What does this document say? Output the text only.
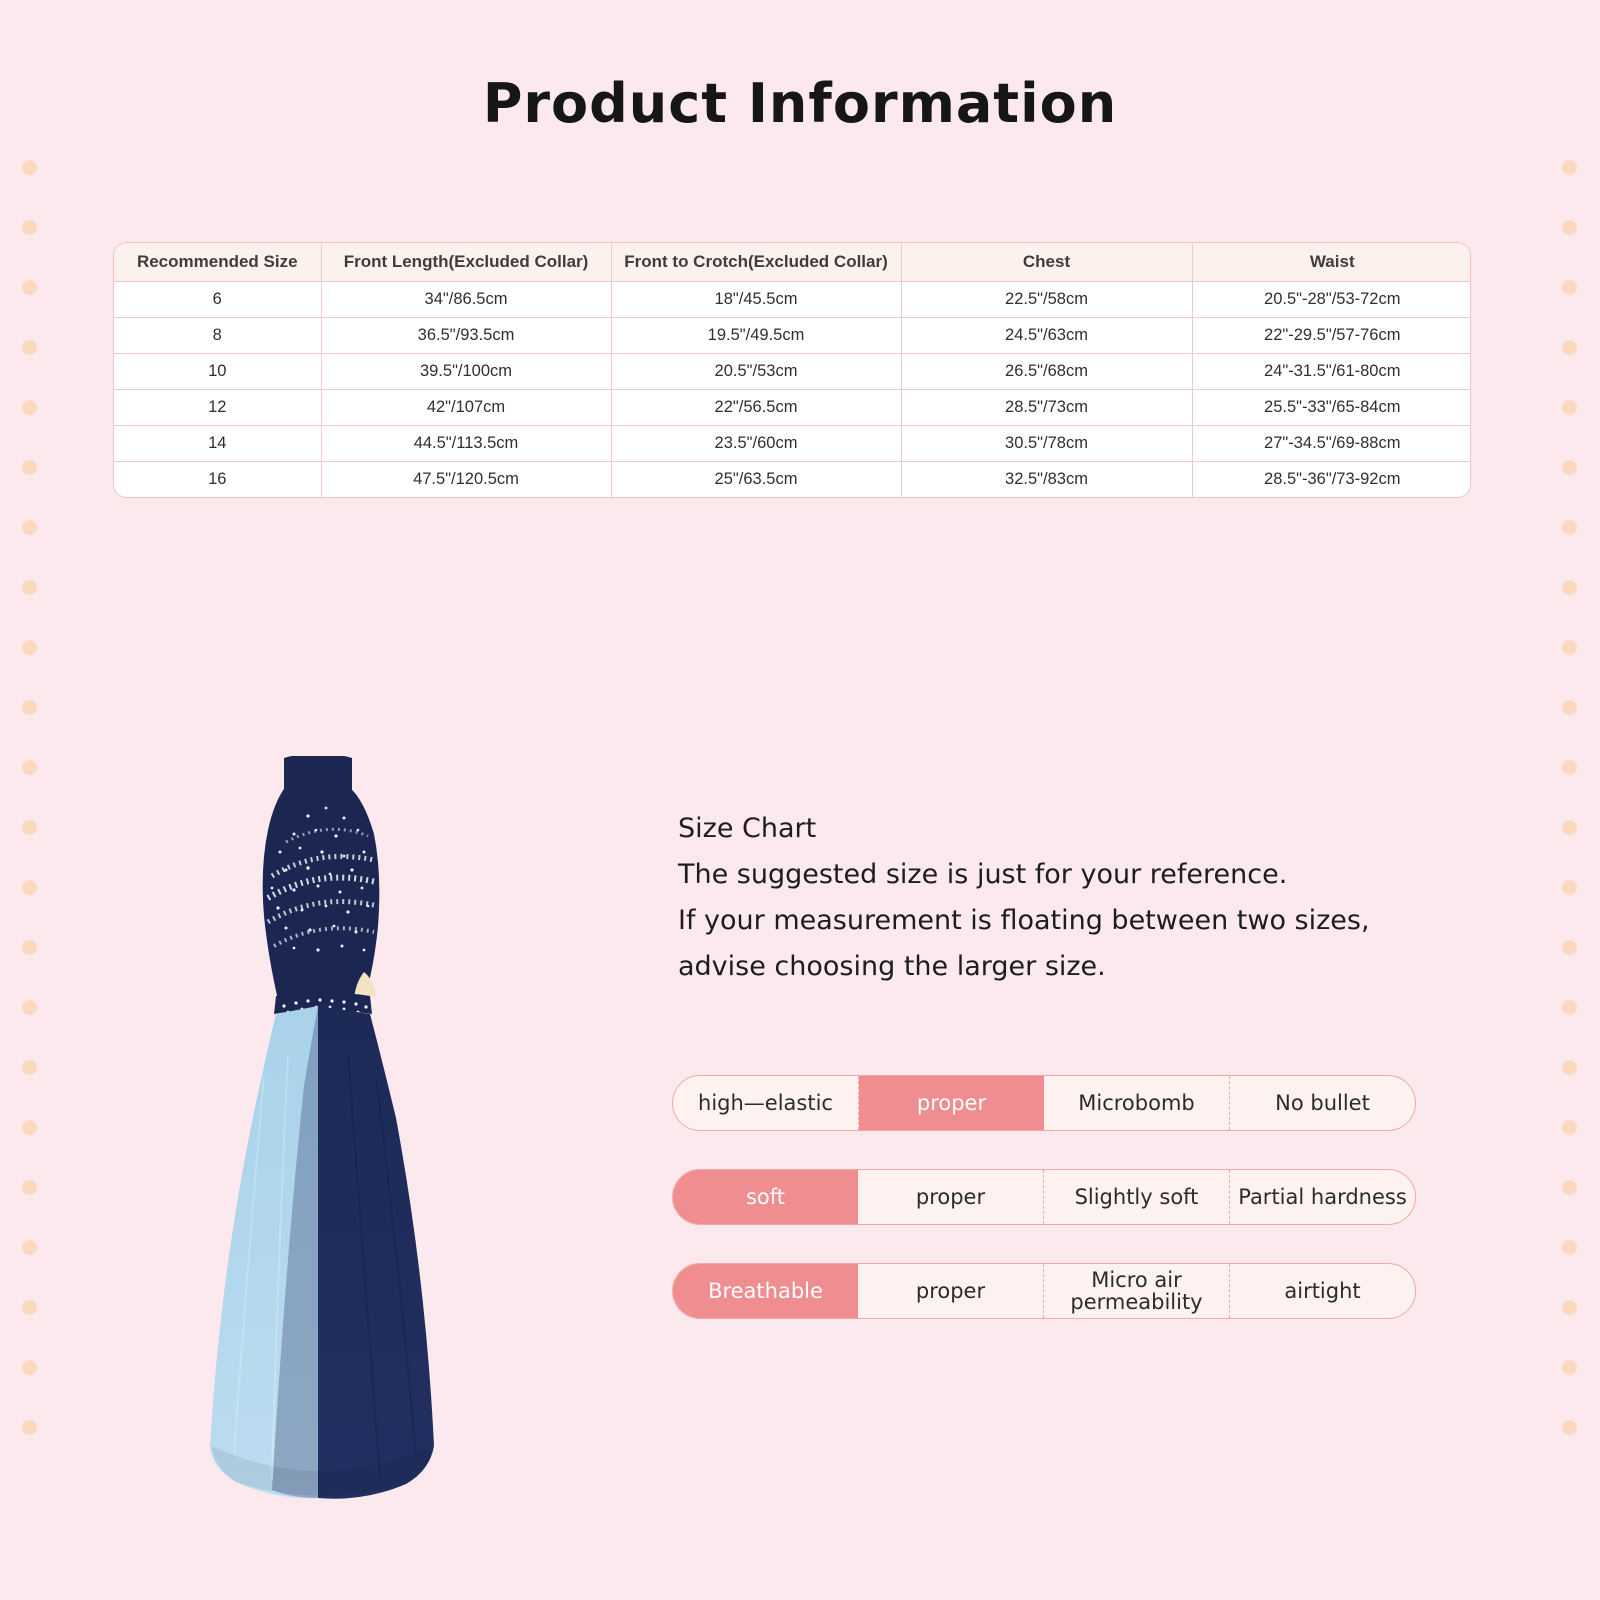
Product Information
Recommended Size	Front Length(Excluded Collar)	Front to Crotch(Excluded Collar)	Chest	Waist
6	34"/86.5cm	18"/45.5cm	22.5"/58cm	20.5"-28"/53-72cm
8	36.5"/93.5cm	19.5"/49.5cm	24.5"/63cm	22"-29.5"/57-76cm
10	39.5"/100cm	20.5"/53cm	26.5"/68cm	24"-31.5"/61-80cm
12	42"/107cm	22"/56.5cm	28.5"/73cm	25.5"-33"/65-84cm
14	44.5"/113.5cm	23.5"/60cm	30.5"/78cm	27"-34.5"/69-88cm
16	47.5"/120.5cm	25"/63.5cm	32.5"/83cm	28.5"-36"/73-92cm
Size Chart
The suggested size is just for your reference.
If your measurement is floating between two sizes,
advise choosing the larger size.
high—elastic	proper	Microbomb	No bullet
soft	proper	Slightly soft	Partial hardness
Breathable	proper	Micro air permeability	airtight
